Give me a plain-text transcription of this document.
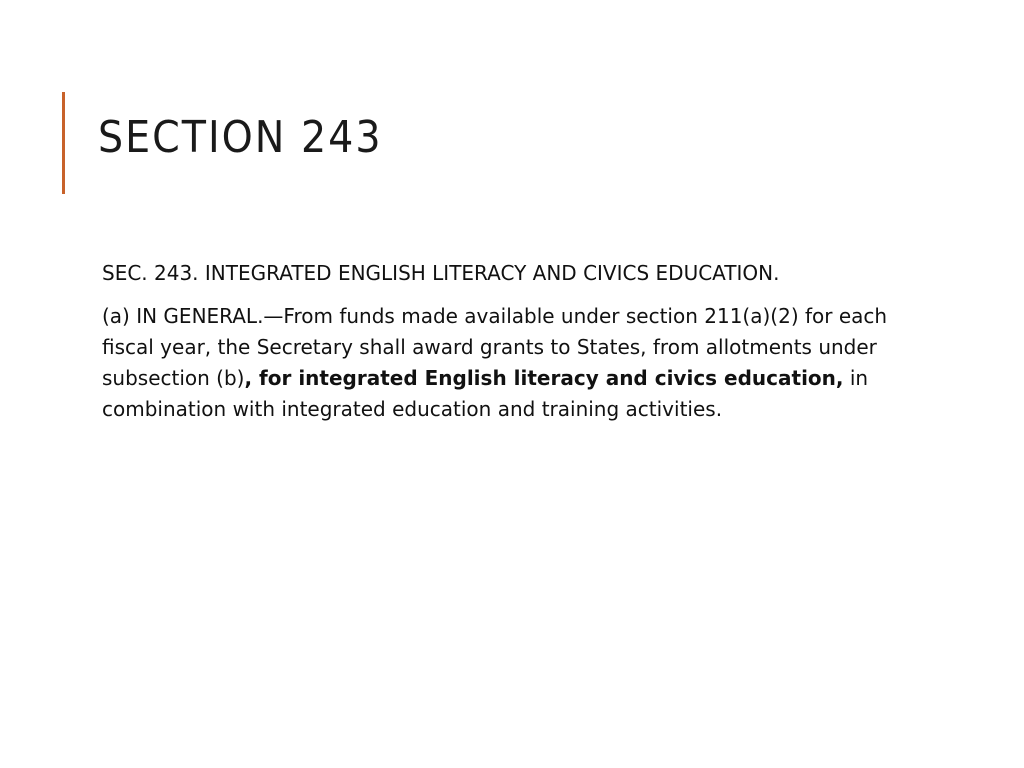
SECTION 243

SEC. 243. INTEGRATED ENGLISH LITERACY AND CIVICS EDUCATION.

(a) IN GENERAL.—From funds made available under section 211(a)(2) for each fiscal year, the Secretary shall award grants to States, from allotments under subsection (b), for integrated English literacy and civics education, in combination with integrated education and training activities.
